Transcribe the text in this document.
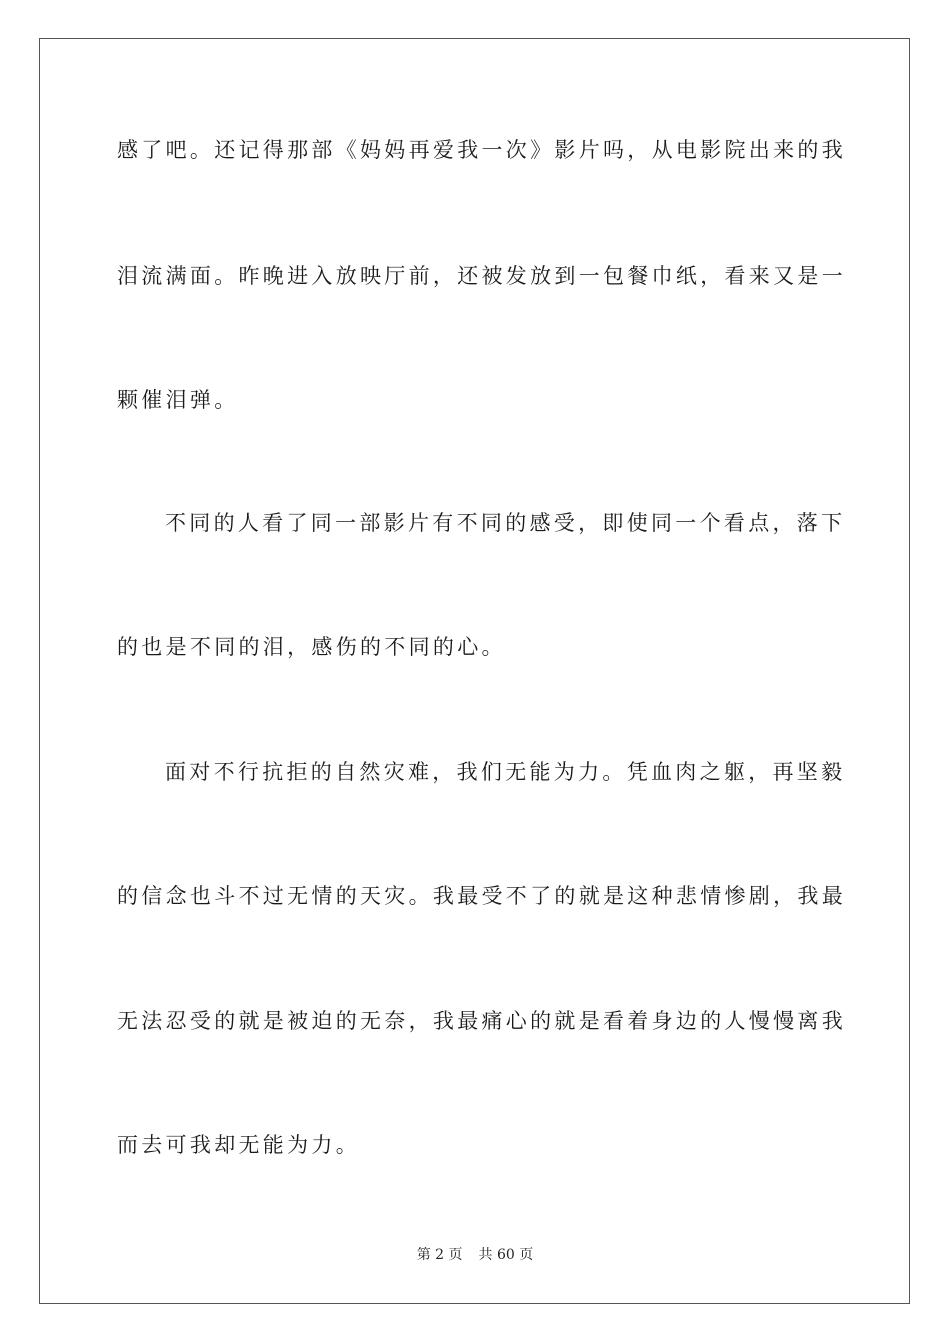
感了吧。还记得那部《妈妈再爱我一次》影片吗，从电影院出来的我
泪流满面。昨晚进入放映厅前，还被发放到一包餐巾纸，看来又是一
颗催泪弹。
不同的人看了同一部影片有不同的感受，即使同一个看点，落下
的也是不同的泪，感伤的不同的心。
面对不行抗拒的自然灾难，我们无能为力。凭血肉之躯，再坚毅
的信念也斗不过无情的天灾。我最受不了的就是这种悲情惨剧，我最
无法忍受的就是被迫的无奈，我最痛心的就是看着身边的人慢慢离我
而去可我却无能为力。
第 2 页 共 60 页
